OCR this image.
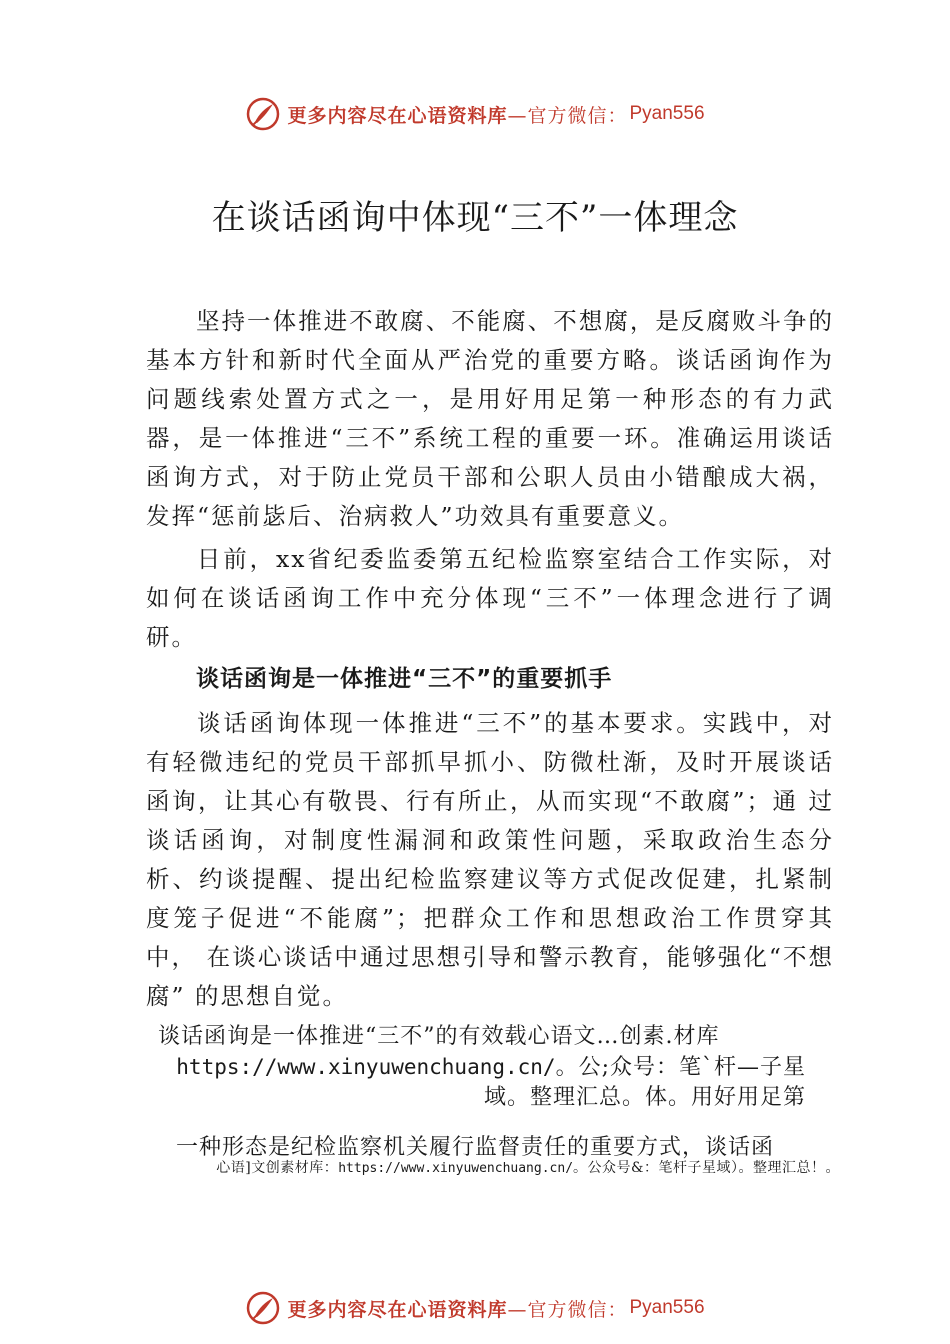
更多内容尽在心语资料库 —官方微信： Pyan556
在谈话函询中体现“三不”一体理念

坚持一体推进不敢腐、不能腐、不想腐，是反腐败斗争的基本方针和新时代全面从严治党的重要方略。谈话函询作为问题线索处置方式之一，是用好用足第一种形态的有力武器，是一体推进“三不”系统工程的重要一环。准确运用谈话函询方式，对于防止党员干部和公职人员由小错酿成大祸，发挥“惩前毖后、治病救人”功效具有重要意义。

日前，xx省纪委监委第五纪检监察室结合工作实际，对如何在谈话函询工作中充分体现“三不”一体理念进行了调研。

谈话函询是一体推进“三不”的重要抓手

谈话函询体现一体推进“三不”的基本要求。实践中，对有轻微违纪的党员干部抓早抓小、防微杜渐，及时开展谈话函询，让其心有敬畏、行有所止，从而实现“不敢腐”；通 过谈话函询，对制度性漏洞和政策性问题，采取政治生态分 析、约谈提醒、提出纪检监察建议等方式促改促建，扎紧制 度笼子促进“不能腐”；把群众工作和思想政治工作贯穿其中， 在谈心谈话中通过思想引导和警示教育，能够强化“不想腐” 的思想自觉。

谈话函询是一体推进“三不”的有效载心语文…创素.材库
https://www.xinyuwenchuang.cn/。公;众号：笔`杆—子星
域。整理汇总。体。用好用足第
一种形态是纪检监察机关履行监督责任的重要方式，谈话函
心语]文创素材库：https://www.xinyuwenchuang.cn/。公众号&：笔杆子星域）。整理汇总！。
更多内容尽在心语资料库 —官方微信： Pyan556
